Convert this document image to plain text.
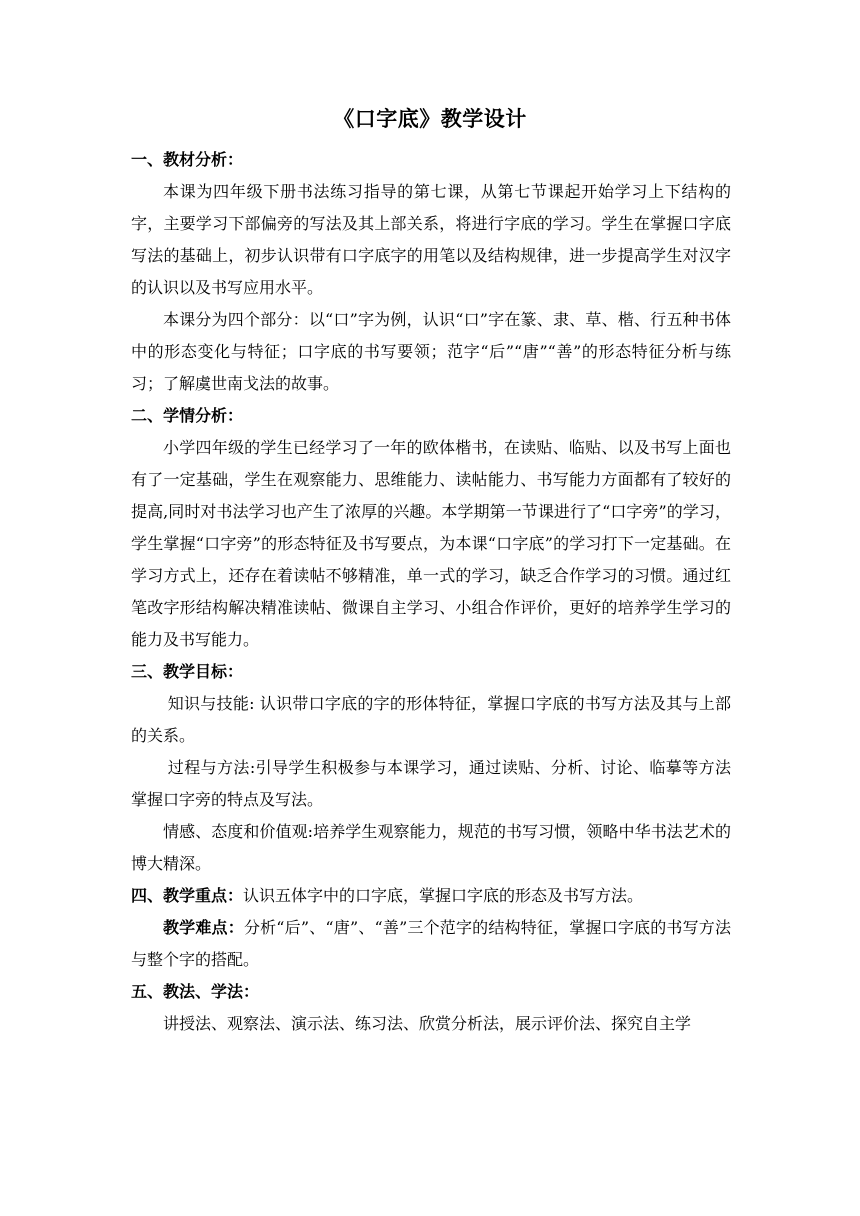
《口字底》教学设计
一、教材分析：

本课为四年级下册书法练习指导的第七课，从第七节课起开始学习上下结构的字，主要学习下部偏旁的写法及其上部关系，将进行字底的学习。学生在掌握口字底写法的基础上，初步认识带有口字底字的用笔以及结构规律，进一步提高学生对汉字的认识以及书写应用水平。

本课分为四个部分：以“口”字为例，认识“口”字在篆、隶、草、楷、行五种书体中的形态变化与特征；口字底的书写要领；范字“后”“唐”“善”的形态特征分析与练习；了解虞世南戈法的故事。

二、学情分析：

小学四年级的学生已经学习了一年的欧体楷书，在读贴、临贴、以及书写上面也有了一定基础，学生在观察能力、思维能力、读帖能力、书写能力方面都有了较好的提高,同时对书法学习也产生了浓厚的兴趣。本学期第一节课进行了“口字旁”的学习，学生掌握“口字旁”的形态特征及书写要点，为本课“口字底”的学习打下一定基础。在学习方式上，还存在着读帖不够精准，单一式的学习，缺乏合作学习的习惯。通过红笔改字形结构解决精准读帖、微课自主学习、小组合作评价，更好的培养学生学习的能力及书写能力。

三、教学目标：

知识与技能: 认识带口字底的字的形体特征，掌握口字底的书写方法及其与上部的关系。

过程与方法:引导学生积极参与本课学习，通过读贴、分析、讨论、临摹等方法掌握口字旁的特点及写法。

情感、态度和价值观:培养学生观察能力，规范的书写习惯，领略中华书法艺术的博大精深。

四、教学重点：认识五体字中的口字底，掌握口字底的形态及书写方法。

教学难点：分析“后”、“唐”、“善”三个范字的结构特征，掌握口字底的书写方法与整个字的搭配。

五、教法、学法：

讲授法、观察法、演示法、练习法、欣赏分析法，展示评价法、探究自主学
